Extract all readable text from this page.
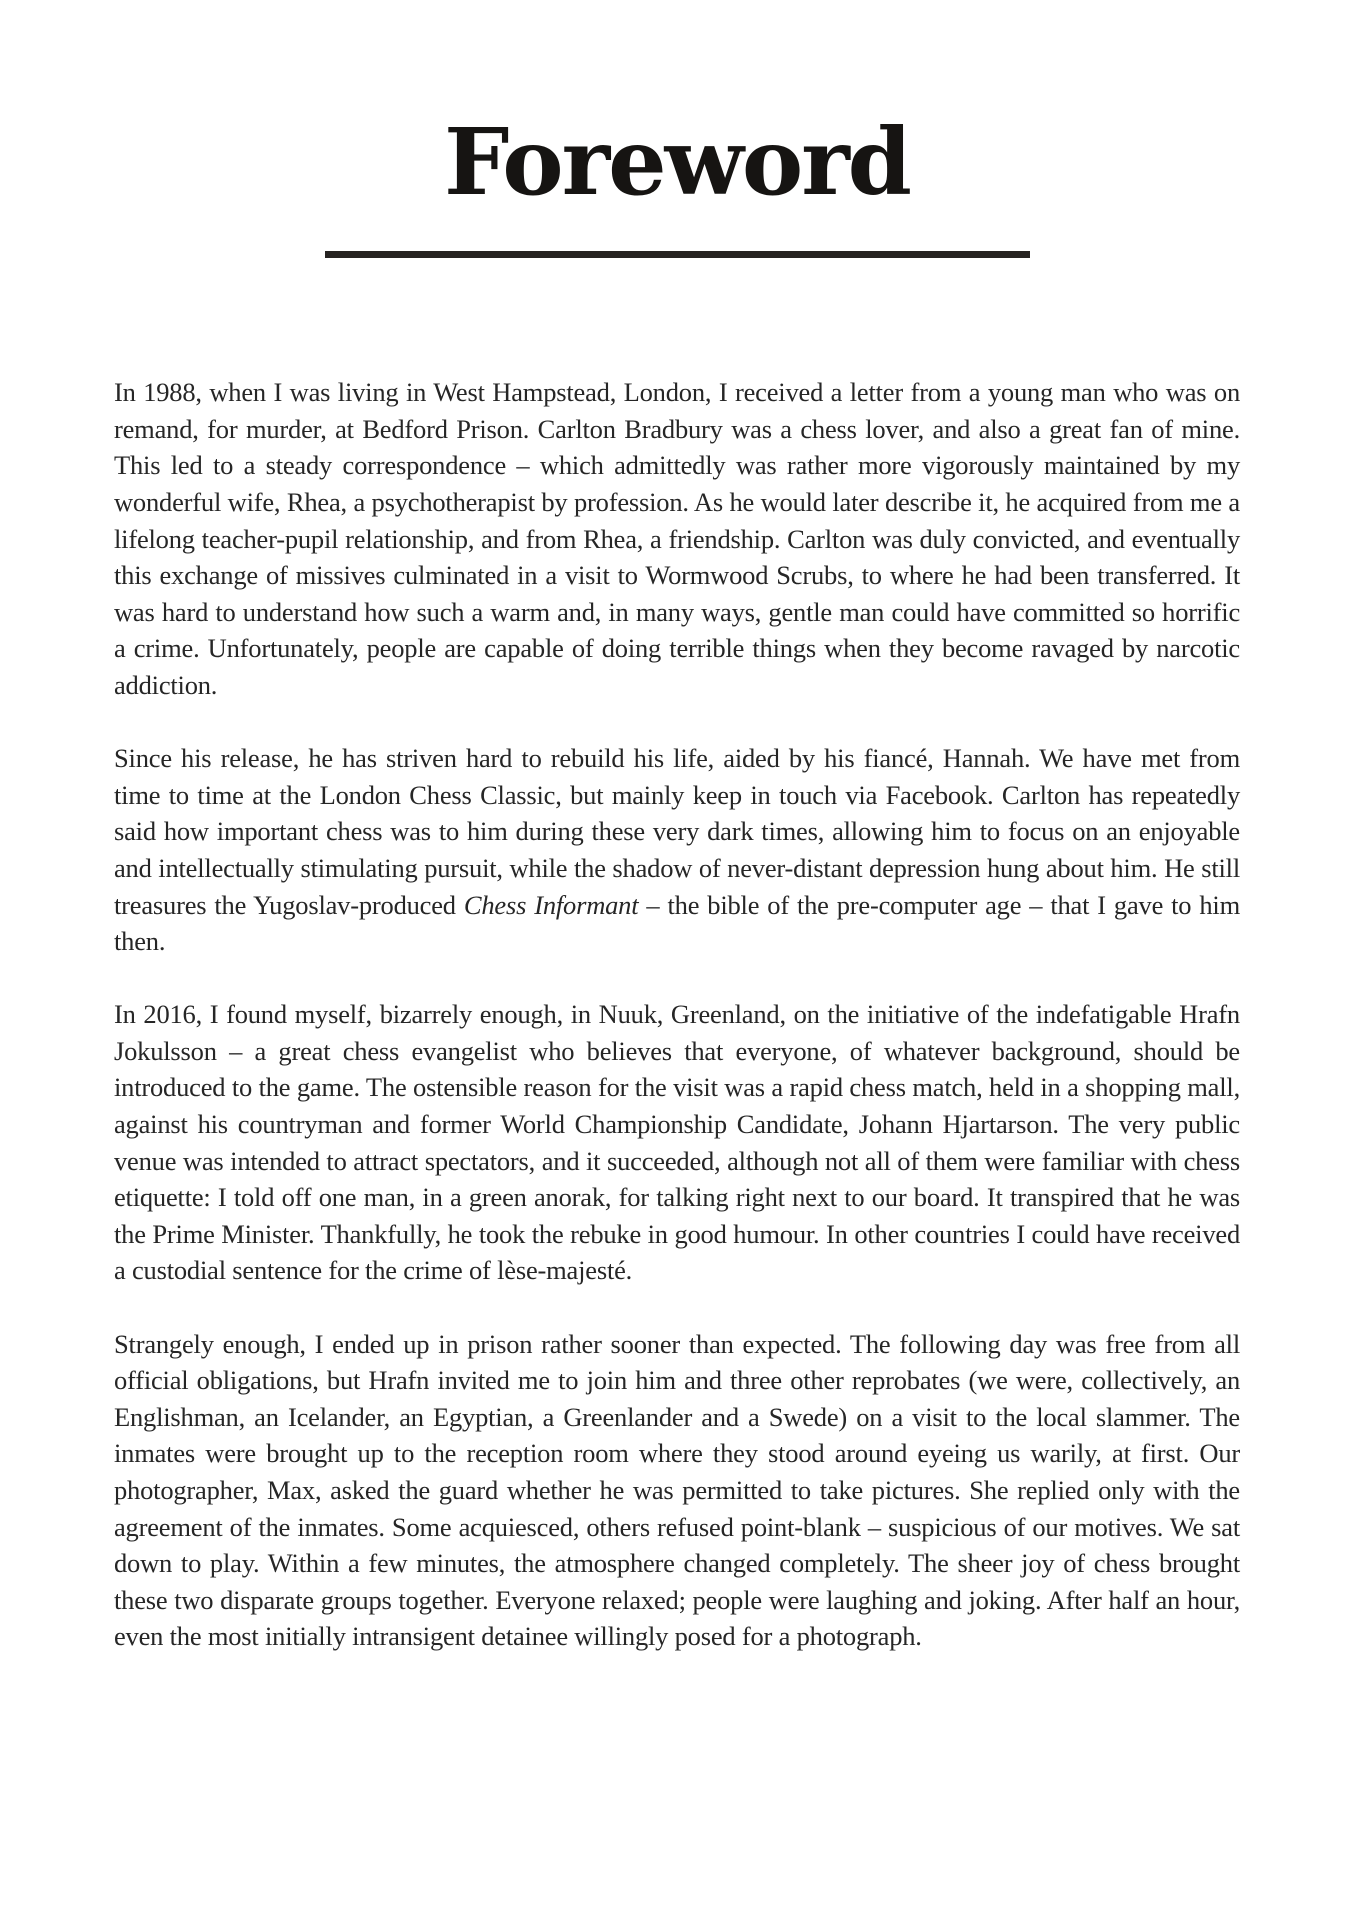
Foreword

In 1988, when I was living in West Hampstead, London, I received a letter from a young man who was on remand, for murder, at Bedford Prison. Carlton Bradbury was a chess lover, and also a great fan of mine. This led to a steady correspondence – which admittedly was rather more vigorously maintained by my wonderful wife, Rhea, a psychotherapist by profession. As he would later describe it, he acquired from me a lifelong teacher-pupil relationship, and from Rhea, a friendship. Carlton was duly convicted, and eventually this exchange of missives culminated in a visit to Wormwood Scrubs, to where he had been transferred. It was hard to understand how such a warm and, in many ways, gentle man could have committed so horrific a crime. Unfortunately, people are capable of doing terrible things when they become ravaged by narcotic addiction.

Since his release, he has striven hard to rebuild his life, aided by his fiancé, Hannah. We have met from time to time at the London Chess Classic, but mainly keep in touch via Facebook. Carlton has repeatedly said how important chess was to him during these very dark times, allowing him to focus on an enjoyable and intellectually stimulating pursuit, while the shadow of never-distant depression hung about him. He still treasures the Yugoslav-produced Chess Informant – the bible of the pre-computer age – that I gave to him then.

In 2016, I found myself, bizarrely enough, in Nuuk, Greenland, on the initiative of the indefatigable Hrafn Jokulsson – a great chess evangelist who believes that everyone, of whatever background, should be introduced to the game. The ostensible reason for the visit was a rapid chess match, held in a shopping mall, against his countryman and former World Championship Candidate, Johann Hjartarson. The very public venue was intended to attract spectators, and it succeeded, although not all of them were familiar with chess etiquette: I told off one man, in a green anorak, for talking right next to our board. It transpired that he was the Prime Minister. Thankfully, he took the rebuke in good humour. In other countries I could have received a custodial sentence for the crime of lèse-majesté.

Strangely enough, I ended up in prison rather sooner than expected. The following day was free from all official obligations, but Hrafn invited me to join him and three other reprobates (we were, collectively, an Englishman, an Icelander, an Egyptian, a Greenlander and a Swede) on a visit to the local slammer. The inmates were brought up to the reception room where they stood around eyeing us warily, at first. Our photographer, Max, asked the guard whether he was permitted to take pictures. She replied only with the agreement of the inmates. Some acquiesced, others refused point-blank – suspicious of our motives. We sat down to play. Within a few minutes, the atmosphere changed completely. The sheer joy of chess brought these two disparate groups together. Everyone relaxed; people were laughing and joking. After half an hour, even the most initially intransigent detainee willingly posed for a photograph.
